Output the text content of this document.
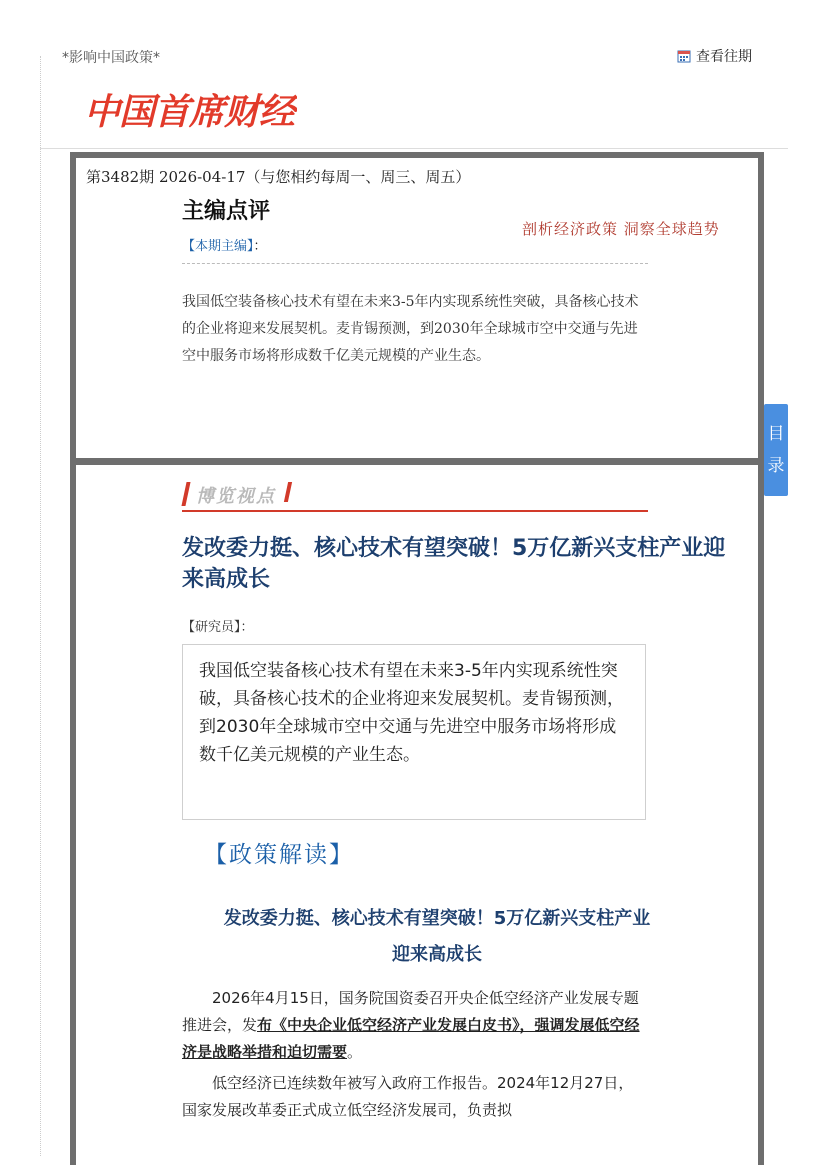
*影响中国政策*	查看往期
中国首席财经
第3482期 2026-04-17（与您相约每周一、周三、周五）
主编点评
剖析经济政策 洞察全球趋势
【本期主编】：
我国低空装备核心技术有望在未来3-5年内实现系统性突破，具备核心技术的企业将迎来发展契机。麦肯锡预测，到2030年全球城市空中交通与先进空中服务市场将形成数千亿美元规模的产业生态。
目
录
博览视点
发改委力挺、核心技术有望突破！5万亿新兴支柱产业迎来高成长
【研究员】：
我国低空装备核心技术有望在未来3-5年内实现系统性突破，具备核心技术的企业将迎来发展契机。麦肯锡预测，到2030年全球城市空中交通与先进空中服务市场将形成数千亿美元规模的产业生态。
【政策解读】
发改委力挺、核心技术有望突破！5万亿新兴支柱产业迎来高成长
　　2026年4月15日，国务院国资委召开央企低空经济产业发展专题推进会，发布《中央企业低空经济产业发展白皮书》，强调发展低空经济是战略举措和迫切需要。
　　低空经济已连续数年被写入政府工作报告。2024年12月27日，国家发展改革委正式成立低空经济发展司，负责拟
